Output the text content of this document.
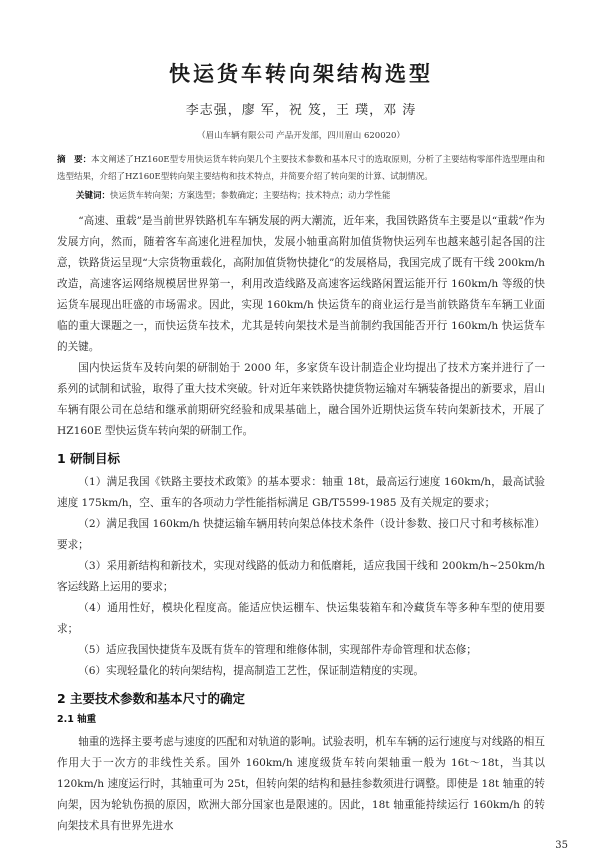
快运货车转向架结构选型
李志强，廖 军，祝 笈，王 璞，邓 涛
（眉山车辆有限公司 产品开发部，四川眉山 620020）
摘　要：本文阐述了HZ160E型专用快运货车转向架几个主要技术参数和基本尺寸的选取原则，分析了主要结构零部件选型理由和选型结果，介绍了HZ160E型转向架主要结构和技术特点，并简要介绍了转向架的计算、试制情况。
关键词：快运货车转向架；方案选型；参数确定；主要结构；技术特点；动力学性能

“高速、重载”是当前世界铁路机车车辆发展的两大潮流，近年来，我国铁路货车主要是以“重载”作为发展方向，然而，随着客车高速化进程加快，发展小轴重高附加值货物快运列车也越来越引起各国的注意，铁路货运呈现“大宗货物重载化，高附加值货物快捷化”的发展格局，我国完成了既有干线 200km/h 改造，高速客运网络规模居世界第一，利用改造线路及高速客运线路闲置运能开行 160km/h 等级的快运货车展现出旺盛的市场需求。因此，实现 160km/h 快运货车的商业运行是当前铁路货车车辆工业面临的重大课题之一，而快运货车技术，尤其是转向架技术是当前制约我国能否开行 160km/h 快运货车的关键。

国内快运货车及转向架的研制始于 2000 年，多家货车设计制造企业均提出了技术方案并进行了一系列的试制和试验，取得了重大技术突破。针对近年来铁路快捷货物运输对车辆装备提出的新要求，眉山车辆有限公司在总结和继承前期研究经验和成果基础上，融合国外近期快运货车转向架新技术，开展了 HZ160E 型快运货车转向架的研制工作。

1 研制目标
（1）满足我国《铁路主要技术政策》的基本要求：轴重 18t，最高运行速度 160km/h，最高试验速度 175km/h，空、重车的各项动力学性能指标满足 GB/T5599-1985 及有关规定的要求；
（2）满足我国 160km/h 快捷运输车辆用转向架总体技术条件（设计参数、接口尺寸和考核标准）要求；
（3）采用新结构和新技术，实现对线路的低动力和低磨耗，适应我国干线和 200km/h~250km/h 客运线路上运用的要求；
（4）通用性好，模块化程度高。能适应快运棚车、快运集装箱车和冷藏货车等多种车型的使用要求；
（5）适应我国快捷货车及既有货车的管理和维修体制，实现部件寿命管理和状态修；
（6）实现轻量化的转向架结构，提高制造工艺性，保证制造精度的实现。
2 主要技术参数和基本尺寸的确定
2.1 轴重

轴重的选择主要考虑与速度的匹配和对轨道的影响。试验表明，机车车辆的运行速度与对线路的相互作用大于一次方的非线性关系。国外 160km/h 速度级货车转向架轴重一般为 16t～18t，当其以 120km/h 速度运行时，其轴重可为 25t，但转向架的结构和悬挂参数须进行调整。即使是 18t 轴重的转向架，因为轮轨伤损的原因，欧洲大部分国家也是限速的。因此，18t 轴重能持续运行 160km/h 的转向架技术具有世界先进水

35
